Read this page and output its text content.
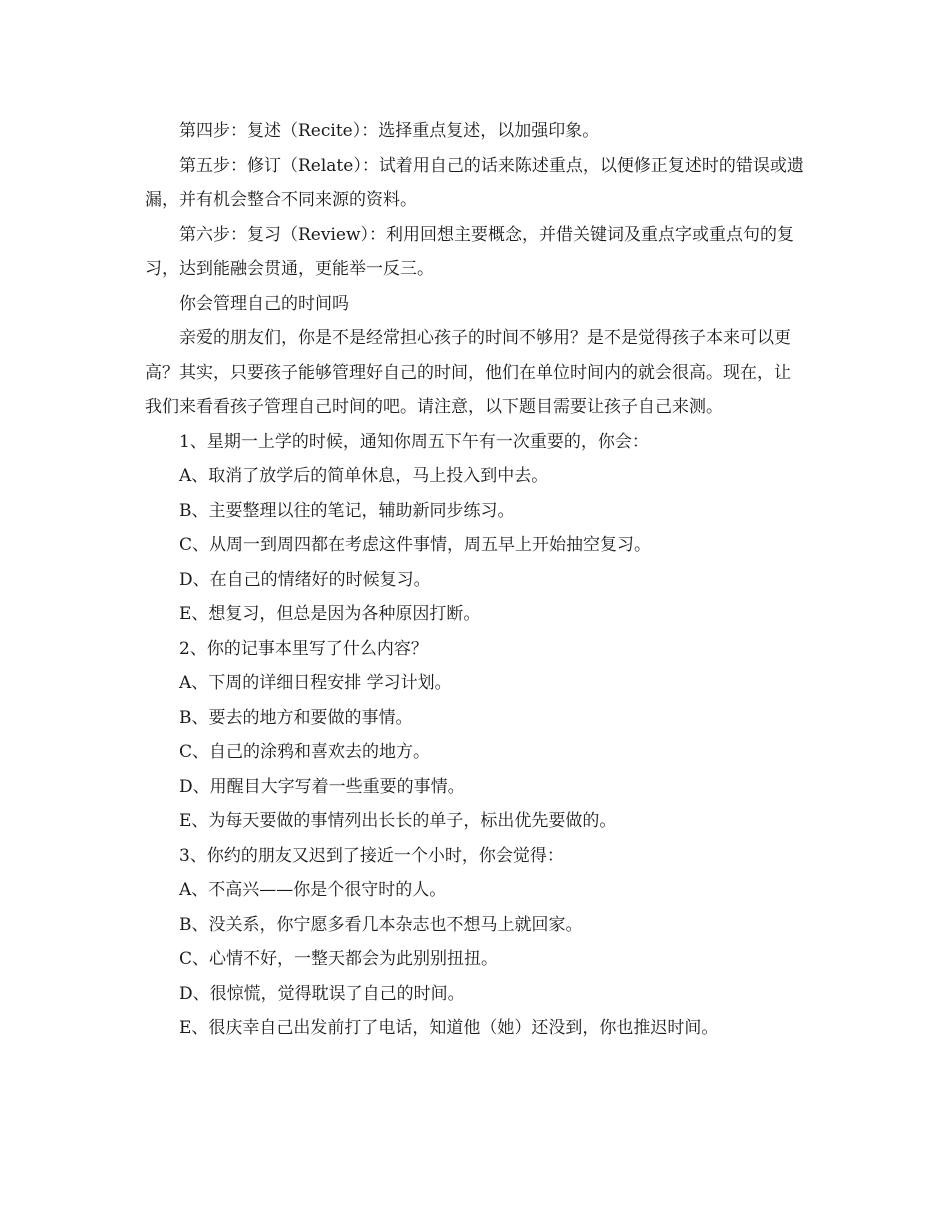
第四步：复述（Recite）：选择重点复述，以加强印象。

第五步：修订（Relate）：试着用自己的话来陈述重点，以便修正复述时的错误或遗漏，并有机会整合不同来源的资料。

第六步：复习（Review）：利用回想主要概念，并借关键词及重点字或重点句的复习，达到能融会贯通，更能举一反三。

你会管理自己的时间吗

亲爱的朋友们，你是不是经常担心孩子的时间不够用？是不是觉得孩子本来可以更高？其实，只要孩子能够管理好自己的时间，他们在单位时间内的就会很高。现在，让我们来看看孩子管理自己时间的吧。请注意，以下题目需要让孩子自己来测。

1、星期一上学的时候，通知你周五下午有一次重要的，你会：

A、取消了放学后的简单休息，马上投入到中去。

B、主要整理以往的笔记，辅助新同步练习。

C、从周一到周四都在考虑这件事情，周五早上开始抽空复习。

D、在自己的情绪好的时候复习。

E、想复习，但总是因为各种原因打断。

2、你的记事本里写了什么内容？

A、下周的详细日程安排 学习计划。

B、要去的地方和要做的事情。

C、自己的涂鸦和喜欢去的地方。

D、用醒目大字写着一些重要的事情。

E、为每天要做的事情列出长长的单子，标出优先要做的。

3、你约的朋友又迟到了接近一个小时，你会觉得：

A、不高兴——你是个很守时的人。

B、没关系，你宁愿多看几本杂志也不想马上就回家。

C、心情不好，一整天都会为此别别扭扭。

D、很惊慌，觉得耽误了自己的时间。

E、很庆幸自己出发前打了电话，知道他（她）还没到，你也推迟时间。
